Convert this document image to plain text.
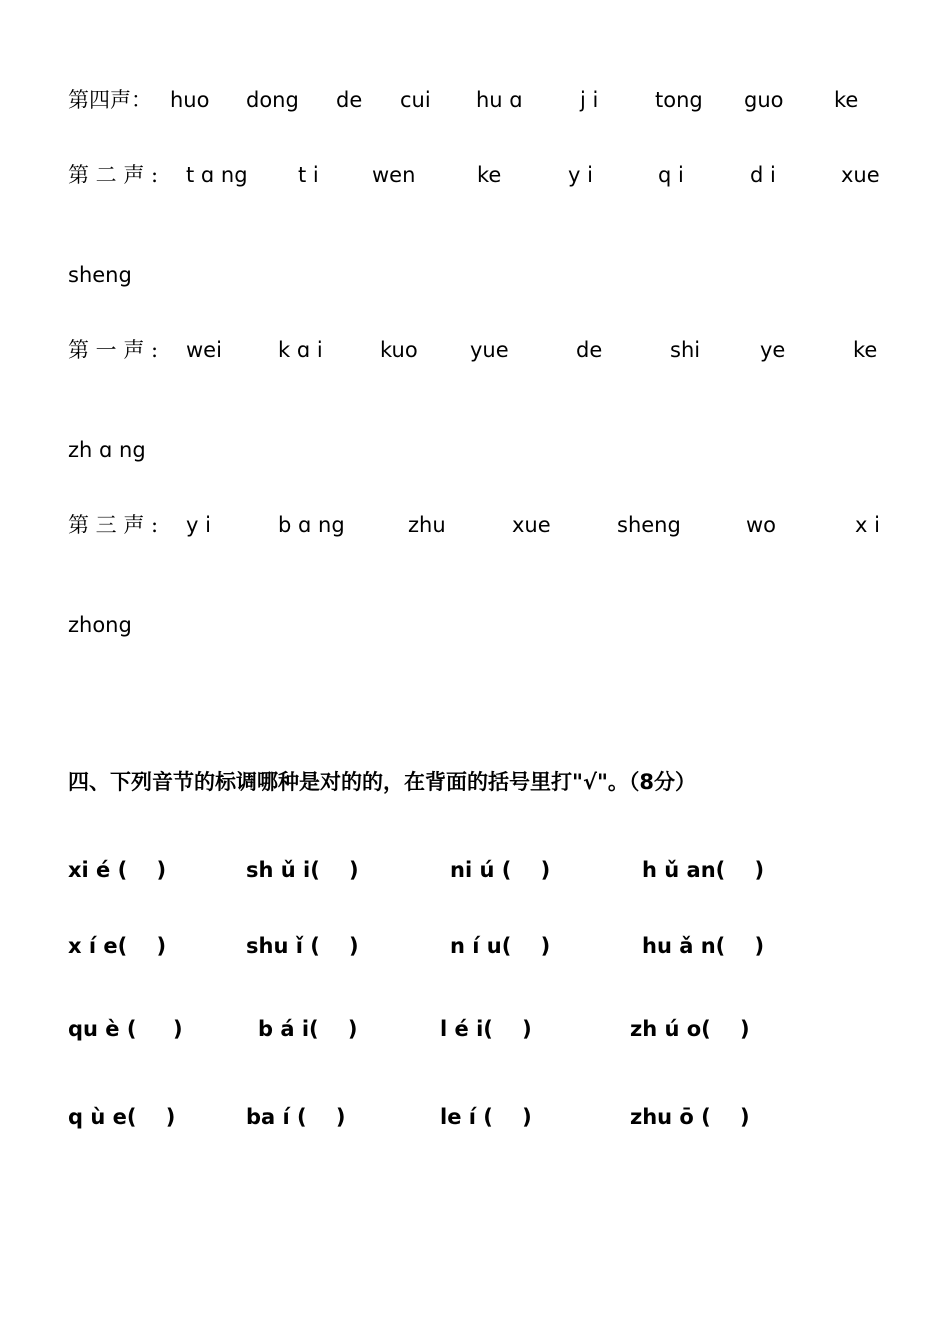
第四声： huo dong de cui hu ɑ	j i	tong guo ke
第 二 声 : t ɑ ng t i	wen	ke	y i	q i	d i	xue
sheng
第 一 声 : wei	k ɑ i	kuo yue	de	shi	ye	ke
zh ɑ ng
第 三 声 : y i	b ɑ ng	zhu	xue	sheng	wo	x i
zhong
四、下列音节的标调哪种是对的的，在背面的括号里打"√"。（8分）
xi é (    )	sh ǔ i(    )	ni ú (    )	h ǔ an(    )
x í e(    )	shu ǐ (    )	n í u(    )	hu ǎ n(    )
qu è (     )	b á i(    )	l é i(    )	zh ú o(    )
q ù e(    )	ba í (    )	le í (    )	zhu ō (    )
